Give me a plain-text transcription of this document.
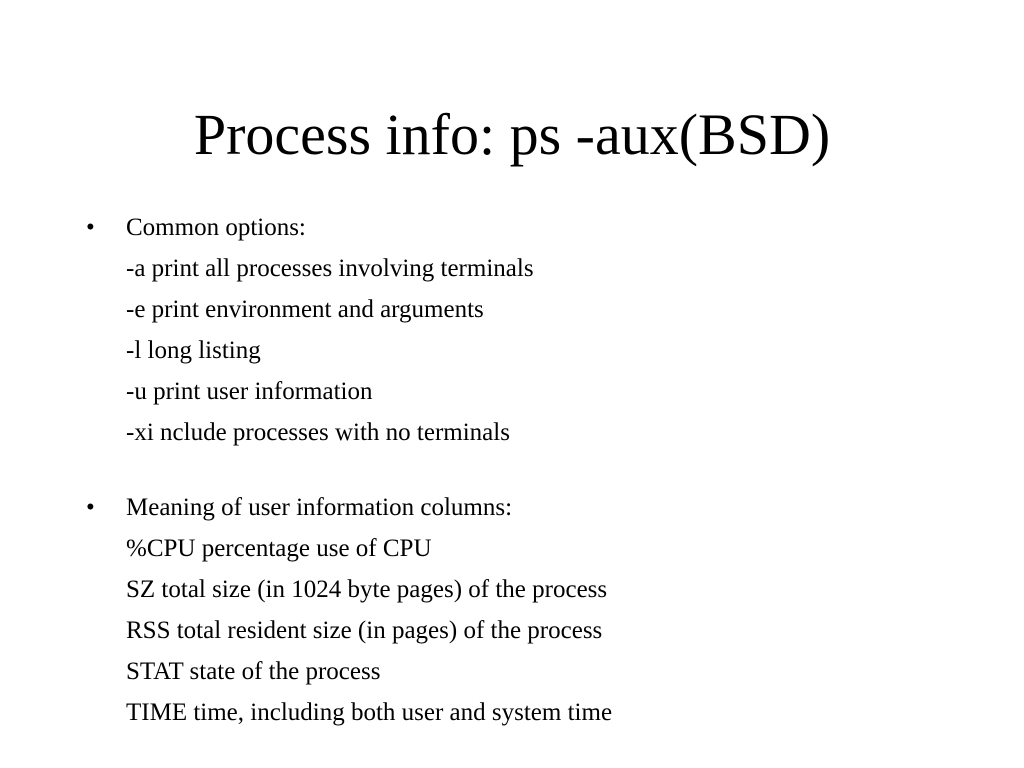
Process info: ps -aux(BSD)
•	Common options:
-a print all processes involving terminals
-e print environment and arguments
-l long listing
-u print user information
-xi nclude processes with no terminals
•	Meaning of user information columns:
%CPU percentage use of CPU
SZ total size (in 1024 byte pages) of the process
RSS total resident size (in pages) of the process
STAT state of the process
TIME time, including both user and system time
